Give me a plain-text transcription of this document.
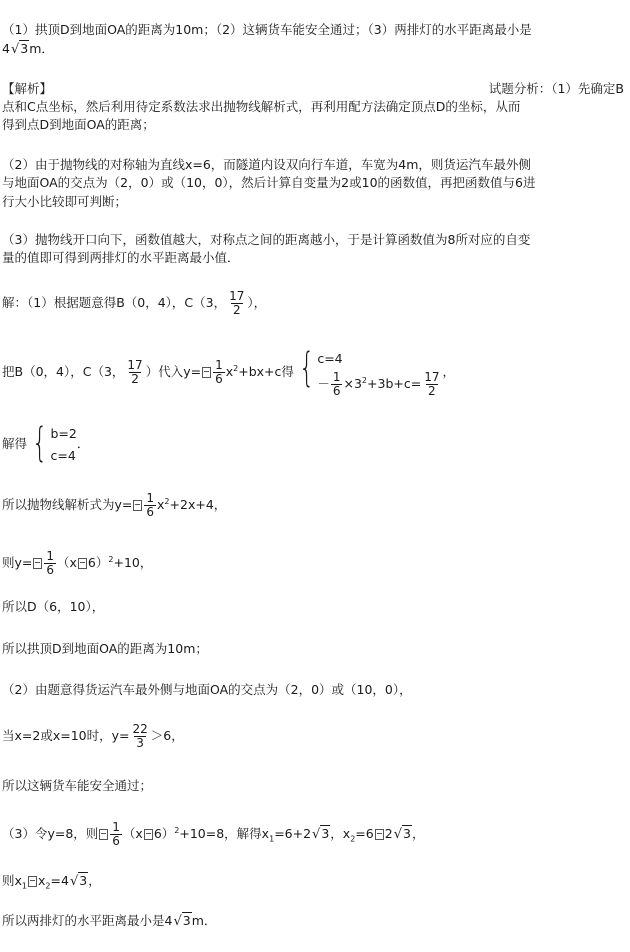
（1）拱顶D到地面OA的距离为10m；（2）这辆货车能安全通过；（3）两排灯的水平距离最小是
4√3m．
【解析】	试题分析：（1）先确定B
点和C点坐标，然后利用待定系数法求出抛物线解析式，再利用配方法确定顶点D的坐标，从而
得到点D到地面OA的距离；
（2）由于抛物线的对称轴为直线x=6，而隧道内设双向行车道，车宽为4m，则货运汽车最外侧
与地面OA的交点为（2，0）或（10，0），然后计算自变量为2或10的函数值，再把函数值与6进
行大小比较即可判断；
（3）抛物线开口向下，函数值越大，对称点之间的距离越小，于是计算函数值为8所对应的自变
量的值即可得到两排灯的水平距离最小值．
解：（1）根据题意得B（0，4），C（3， $\frac{17}{2}$ ），
把B（0，4），C（3， $\frac{17}{2}$ ）代入$y= \frac{1}{6} x^2+bx+c$得 { c=4
－ $\frac{1}{6} \times 3^2+3b+c= \frac{17}{2}$ ，
解得 { b=2
c=4
．
所以抛物线解析式为$y= \frac{1}{6} x^2+2x+4$，
则$y= \frac{1}{6} (x$ 6）$^2$+10，
所以D（6，10），
所以拱顶D到地面OA的距离为10m；
（2）由题意得货运汽车最外侧与地面OA的交点为（2，0）或（10，0），
当x=2或x=10时，$y= \frac{22}{3} >6$，
所以这辆货车能安全通过；
（3）令y=8，则 $\frac{1}{6} (x$ 6）$^2$+10=8，解得$x_1=6+2√3$，$x_2=6$ 2√3，
则$x_1$ $x_2=4√3$，
所以两排灯的水平距离最小是4√3m．
